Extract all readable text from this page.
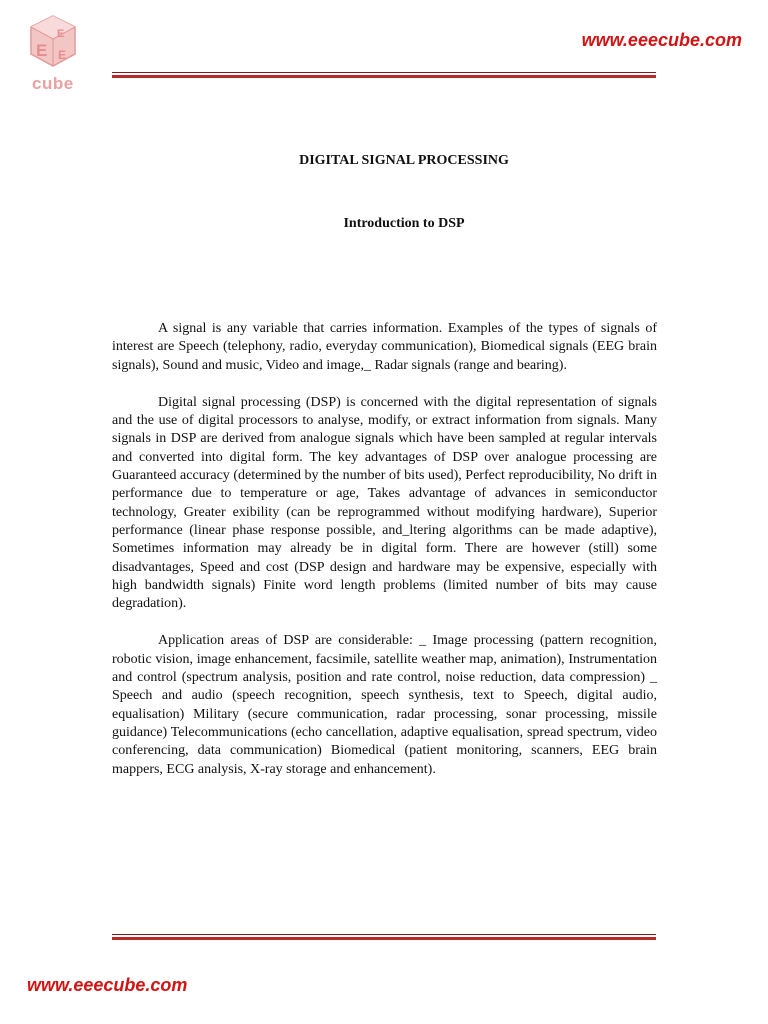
E
E
E
cube
www.eeecube.com
DIGITAL SIGNAL PROCESSING
Introduction to DSP

A signal is any variable that carries information. Examples of the types of signals of interest are Speech (telephony, radio, everyday communication), Biomedical signals (EEG brain signals), Sound and music, Video and image,_ Radar signals (range and bearing).

Digital signal processing (DSP) is concerned with the digital representation of signals and the use of digital processors to analyse, modify, or extract information from signals. Many signals in DSP are derived from analogue signals which have been sampled at regular intervals and converted into digital form. The key advantages of DSP over analogue processing are Guaranteed accuracy (determined by the number of bits used), Perfect reproducibility, No drift in performance due to temperature or age, Takes advantage of advances in semiconductor technology, Greater exibility (can be reprogrammed without modifying hardware), Superior performance (linear phase response possible, and_ltering algorithms can be made adaptive), Sometimes information may already be in digital form. There are however (still) some disadvantages, Speed and cost (DSP design and hardware may be expensive, especially with high bandwidth signals) Finite word length problems (limited number of bits may cause degradation).

Application areas of DSP are considerable: _ Image processing (pattern recognition, robotic vision, image enhancement, facsimile, satellite weather map, animation), Instrumentation and control (spectrum analysis, position and rate control, noise reduction, data compression) _ Speech and audio (speech recognition, speech synthesis, text to Speech, digital audio, equalisation) Military (secure communication, radar processing, sonar processing, missile guidance) Telecommunications (echo cancellation, adaptive equalisation, spread spectrum, video conferencing, data communication) Biomedical (patient monitoring, scanners, EEG brain mappers, ECG analysis, X-ray storage and enhancement).

www.eeecube.com
